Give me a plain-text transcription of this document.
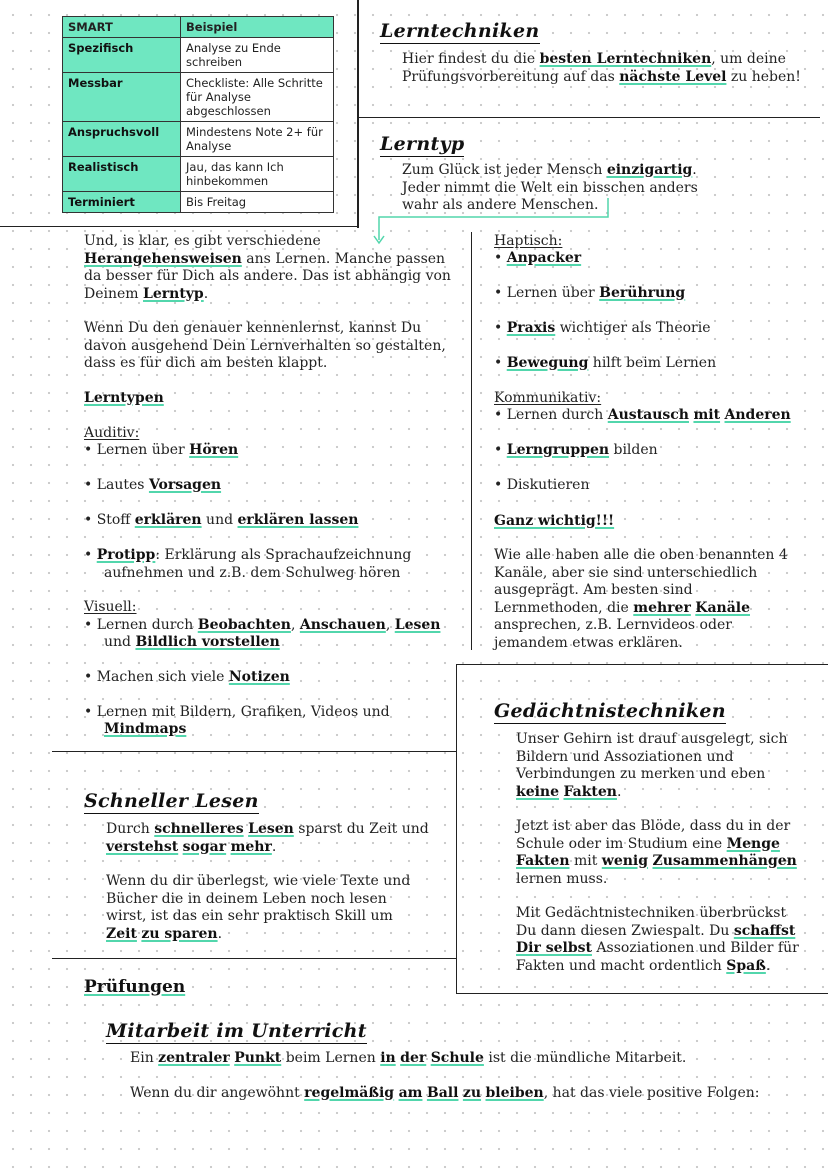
SMART	Beispiel
Spezifisch	Analyse zu Ende schreiben
Messbar	Checkliste: Alle Schritte für Analyse abgeschlossen
Anspruchsvoll	Mindestens Note 2+ für Analyse
Realistisch	Jau, das kann Ich hinbekommen
Terminiert	Bis Freitag
Lerntechniken
Hier findest du die besten Lerntechniken, um deine Prüfungsvorbereitung auf das nächste Level zu heben!
Lerntyp
Zum Glück ist jeder Mensch einzigartig. Jeder nimmt die Welt ein bisschen anders wahr als andere Menschen.
Und, is klar, es gibt verschiedene Herangehensweisen ans Lernen. Manche passen da besser für Dich als andere. Das ist abhängig von Deinem Lerntyp.
Wenn Du den genauer kennenlernst, kannst Du davon ausgehend Dein Lernverhalten so gestalten, dass es für dich am besten klappt.
Lerntypen
Auditiv:
• Lernen über Hören
• Lautes Vorsagen
• Stoff erklären und erklären lassen
• Protipp: Erklärung als Sprachaufzeichnung
aufnehmen und z.B. dem Schulweg hören
Visuell:
• Lernen durch Beobachten, Anschauen, Lesen
und Bildlich vorstellen
• Machen sich viele Notizen
• Lernen mit Bildern, Grafiken, Videos und
Mindmaps
Haptisch:
• Anpacker
• Lernen über Berührung
• Praxis wichtiger als Theorie
• Bewegung hilft beim Lernen
Kommunikativ:
• Lernen durch Austausch mit Anderen
• Lerngruppen bilden
• Diskutieren
Ganz wichtig!!!
Wie alle haben alle die oben benannten 4 Kanäle, aber sie sind unterschiedlich ausgeprägt. Am besten sind Lernmethoden, die mehrer Kanäle ansprechen, z.B. Lernvideos oder jemandem etwas erklären.
Gedächtnistechniken
Unser Gehirn ist drauf ausgelegt, sich Bildern und Assoziationen und Verbindungen zu merken und eben keine Fakten.
Jetzt ist aber das Blöde, dass du in der Schule oder im Studium eine Menge Fakten mit wenig Zusammenhängen lernen muss.
Mit Gedächtnistechniken überbrückst Du dann diesen Zwiespalt. Du schaffst Dir selbst Assoziationen und Bilder für Fakten und macht ordentlich Spaß.
Schneller Lesen
Durch schnelleres Lesen sparst du Zeit und verstehst sogar mehr.
Wenn du dir überlegst, wie viele Texte und Bücher die in deinem Leben noch lesen wirst, ist das ein sehr praktisch Skill um Zeit zu sparen.
Prüfungen
Mitarbeit im Unterricht
Ein zentraler Punkt beim Lernen in der Schule ist die mündliche Mitarbeit.
Wenn du dir angewöhnt regelmäßig am Ball zu bleiben, hat das viele positive Folgen:
